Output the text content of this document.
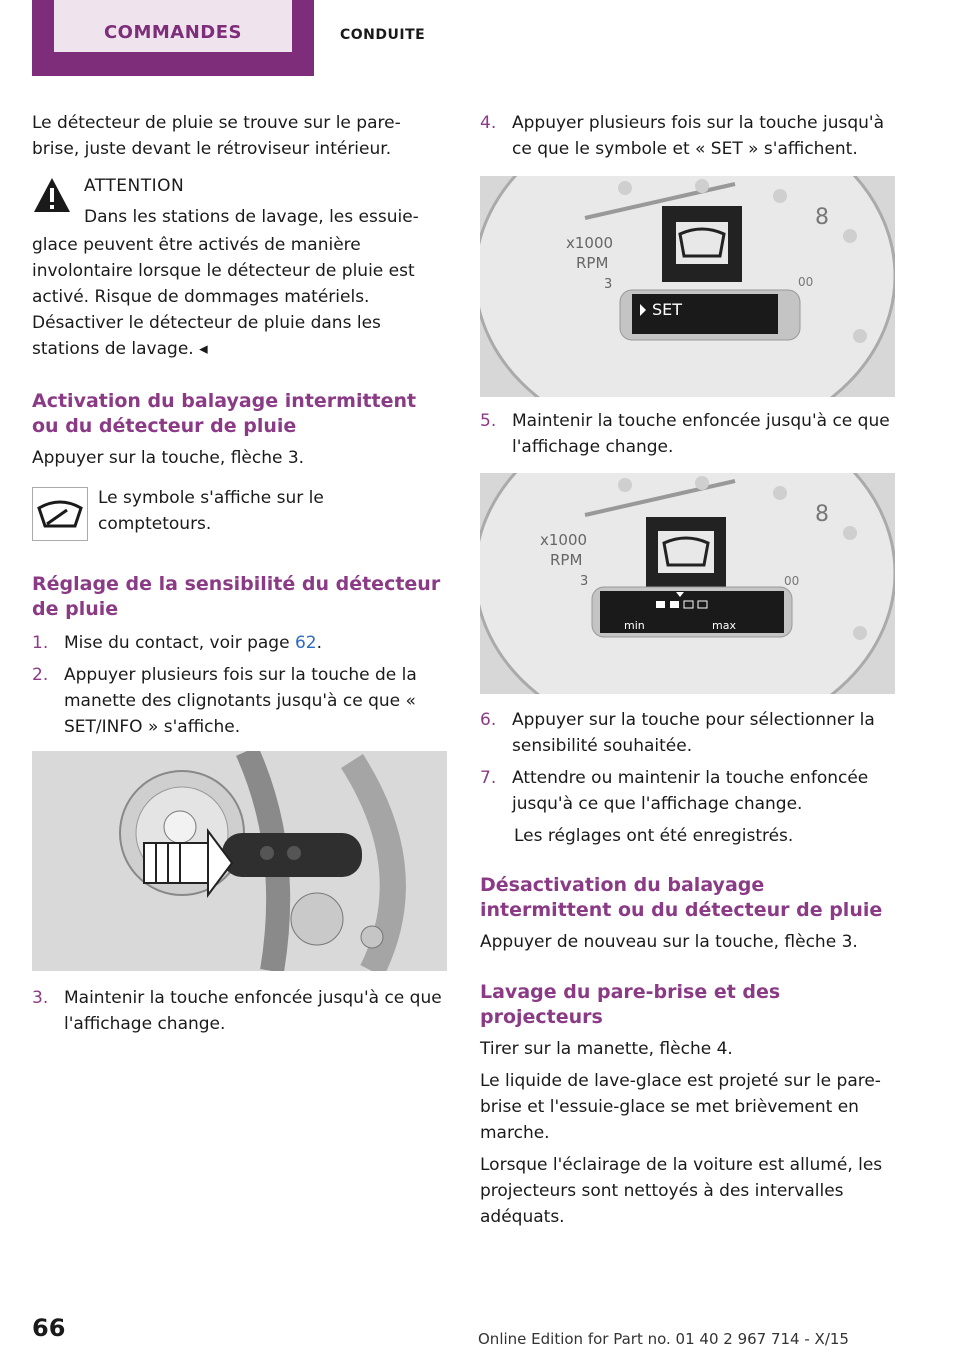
COMMANDES	CONDUITE

Le détecteur de pluie se trouve sur le pare‐brise, juste devant le rétroviseur intérieur.

ATTENTION

Dans les stations de lavage, les essuie‐

glace peuvent être activés de manière involontaire lorsque le détecteur de pluie est activé. Risque de dommages matériels. Désactiver le détecteur de pluie dans les stations de lavage. ◂

Activation du balayage intermittent ou du détecteur de pluie

Appuyer sur la touche, flèche 3.

Le symbole s'affiche sur le comptetours.

Réglage de la sensibilité du détecteur de pluie

1. Mise du contact, voir page 62.
2. Appuyer plusieurs fois sur la touche de la manette des clignotants jusqu'à ce que « SET/INFO » s'affiche.
3. Maintenir la touche enfoncée jusqu'à ce que l'affichage change.
4. Appuyer plusieurs fois sur la touche jusqu'à ce que le symbole et « SET » s'affichent.
8
00
x1000
RPM
3
SET
5. Maintenir la touche enfoncée jusqu'à ce que l'affichage change.
8
00
x1000
RPM
3
min	max
6. Appuyer sur la touche pour sélectionner la sensibilité souhaitée.
7. Attendre ou maintenir la touche enfoncée jusqu'à ce que l'affichage change.

Les réglages ont été enregistrés.

Désactivation du balayage intermittent ou du détecteur de pluie

Appuyer de nouveau sur la touche, flèche 3.

Lavage du pare‐brise et des projecteurs

Tirer sur la manette, flèche 4.

Le liquide de lave‐glace est projeté sur le pare‐brise et l'essuie‐glace se met brièvement en marche.

Lorsque l'éclairage de la voiture est allumé, les projecteurs sont nettoyés à des intervalles adéquats.

66	Online Edition for Part no. 01 40 2 967 714 - X/15
